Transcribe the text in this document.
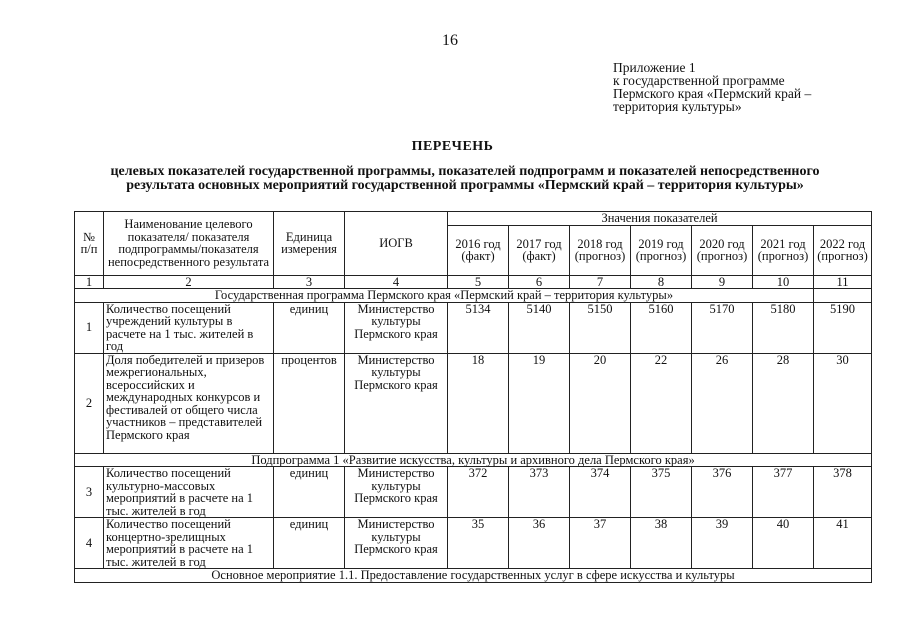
16
Приложение 1
к государственной программе
Пермского края «Пермский край –
территория культуры»
ПЕРЕЧЕНЬ
целевых показателей государственной программы, показателей подпрограмм и показателей непосредственного
результата основных мероприятий государственной программы «Пермский край – территория культуры»
№ п/п	Наименование целевого показателя/ показателя подпрограммы/показателя непосредственного результата	Единица измерения	ИОГВ	Значения показателей						
				2016 год (факт)	2017 год (факт)	2018 год (прогноз)	2019 год (прогноз)	2020 год (прогноз)	2021 год (прогноз)	2022 год (прогноз)
1	2	3	4	5	6	7	8	9	10	11
Государственная программа Пермского края «Пермский край – территория культуры»										
1	Количество посещений учреждений культуры в расчете на 1 тыс. жителей в год	единиц	Министерство культуры Пермского края	5134	5140	5150	5160	5170	5180	5190
2	Доля победителей и призеров межрегиональных, всероссийских и международных конкурсов и фестивалей от общего числа участников – представителей Пермского края	процентов	Министерство культуры Пермского края	18	19	20	22	26	28	30
Подпрограмма 1 «Развитие искусства, культуры и архивного дела Пермского края»										
3	Количество посещений культурно-массовых мероприятий в расчете на 1 тыс. жителей в год	единиц	Министерство культуры Пермского края	372	373	374	375	376	377	378
4	Количество посещений концертно-зрелищных мероприятий в расчете на 1 тыс. жителей в год	единиц	Министерство культуры Пермского края	35	36	37	38	39	40	41
Основное мероприятие 1.1. Предоставление государственных услуг в сфере искусства и культуры										
